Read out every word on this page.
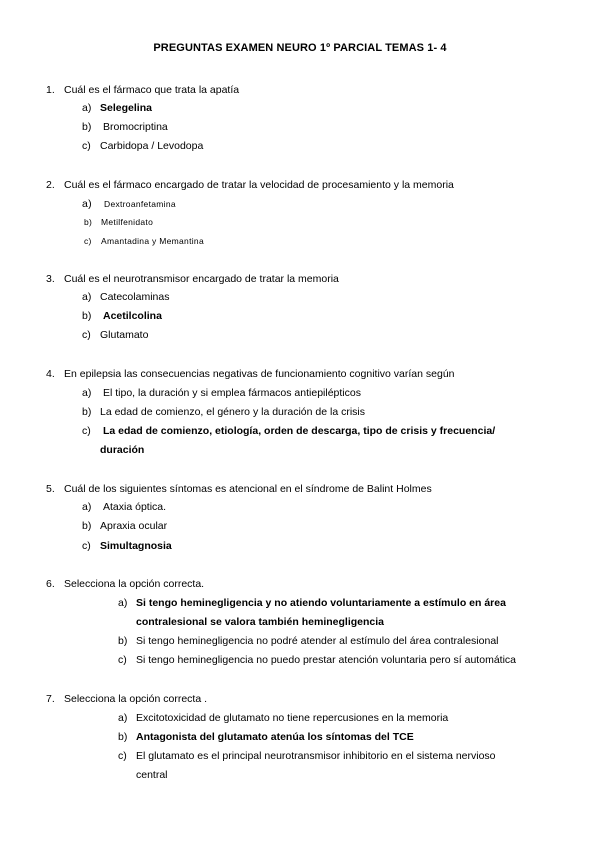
PREGUNTAS EXAMEN NEURO 1º PARCIAL TEMAS 1- 4
1. Cuál es el fármaco que trata la apatía
a) Selegelina
b) Bromocriptina
c) Carbidopa / Levodopa
2. Cuál es el fármaco encargado de tratar la velocidad de procesamiento y la memoria
a) Dextroanfetamina
b) Metilfenidato
c) Amantadina y Memantina
3. Cuál es el neurotransmisor encargado de tratar la memoria
a) Catecolaminas
b) Acetilcolina
c) Glutamato
4. En epilepsia las consecuencias negativas de funcionamiento cognitivo varían según
a) El tipo, la duración y si emplea fármacos antiepilépticos
b) La edad de comienzo, el género y la duración de la crisis
c) La edad de comienzo, etiología, orden de descarga, tipo de crisis y frecuencia/
duración
5. Cuál de los siguientes síntomas es atencional en el síndrome de Balint Holmes
a) Ataxia óptica.
b) Apraxia ocular
c) Simultagnosia
6. Selecciona la opción correcta.
a) Si tengo heminegligencia y no atiendo voluntariamente a estímulo en área
contralesional se valora también heminegligencia
b) Si tengo heminegligencia no podré atender al estímulo del área contralesional
c) Si tengo heminegligencia no puedo prestar atención voluntaria pero sí automática
7. Selecciona la opción correcta .
a) Excitotoxicidad de glutamato no tiene repercusiones en la memoria
b) Antagonista del glutamato atenúa los síntomas del TCE
c) El glutamato es el principal neurotransmisor inhibitorio en el sistema nervioso
central
